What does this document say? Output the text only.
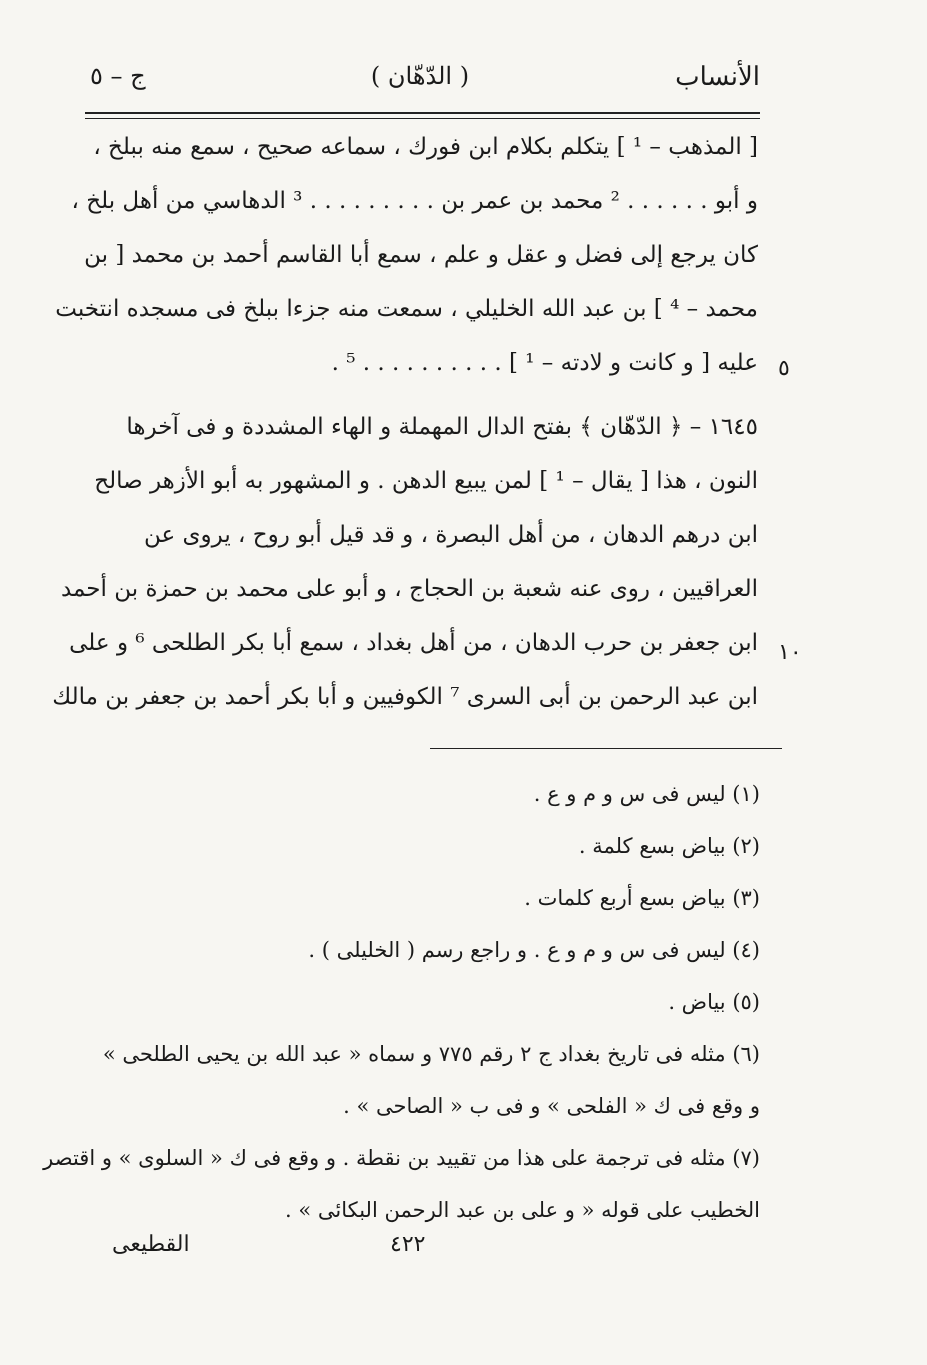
ج – ٥	( الدّهّان )	الأنساب
[ المذهب – ¹ ] يتكلم بكلام ابن فورك ، سماعه صحيح ، سمع منه ببلخ ،
و أبو . . . . . . ² محمد بن عمر بن . . . . . . . . . ³ الدهاسي من أهل بلخ ،
كان يرجع إلى فضل و عقل و علم ، سمع أبا القاسم أحمد بن محمد [ بن
محمد – ⁴ ] بن عبد الله الخليلي ، سمعت منه جزءا ببلخ فى مسجده انتخبت
عليه [ و كانت و لادته – ¹ ] . . . . . . . . . . ⁵ . ٥
١٦٤٥ – ﴿ الدّهّان ﴾ بفتح الدال المهملة و الهاء المشددة و فى آخرها
النون ، هذا [ يقال – ¹ ] لمن يبيع الدهن . و المشهور به أبو الأزهر صالح
ابن درهم الدهان ، من أهل البصرة ، و قد قيل أبو روح ، يروى عن
العراقيين ، روى عنه شعبة بن الحجاج ، و أبو على محمد بن حمزة بن أحمد
ابن جعفر بن حرب الدهان ، من أهل بغداد ، سمع أبا بكر الطلحى ⁶ و على
ابن عبد الرحمن بن أبى السرى ⁷ الكوفيين و أبا بكر أحمد بن جعفر بن مالك
١٠
(١) ليس فى س و م و ع .
(٢) بياض بسع كلمة .
(٣) بياض بسع أربع كلمات .
(٤) ليس فى س و م و ع . و راجع رسم ( الخليلى ) .
(٥) بياض .
(٦) مثله فى تاريخ بغداد ج ٢ رقم ٧٧٥ و سماه « عبد الله بن يحيى الطلحى »
و وقع فى ك « الفلحى » و فى ب « الصاحى » .
(٧) مثله فى ترجمة على هذا من تقييد بن نقطة . و وقع فى ك « السلوى » و اقتصر
الخطيب على قوله « و على بن عبد الرحمن البكائى » .
القطيعى	٤٢٢
